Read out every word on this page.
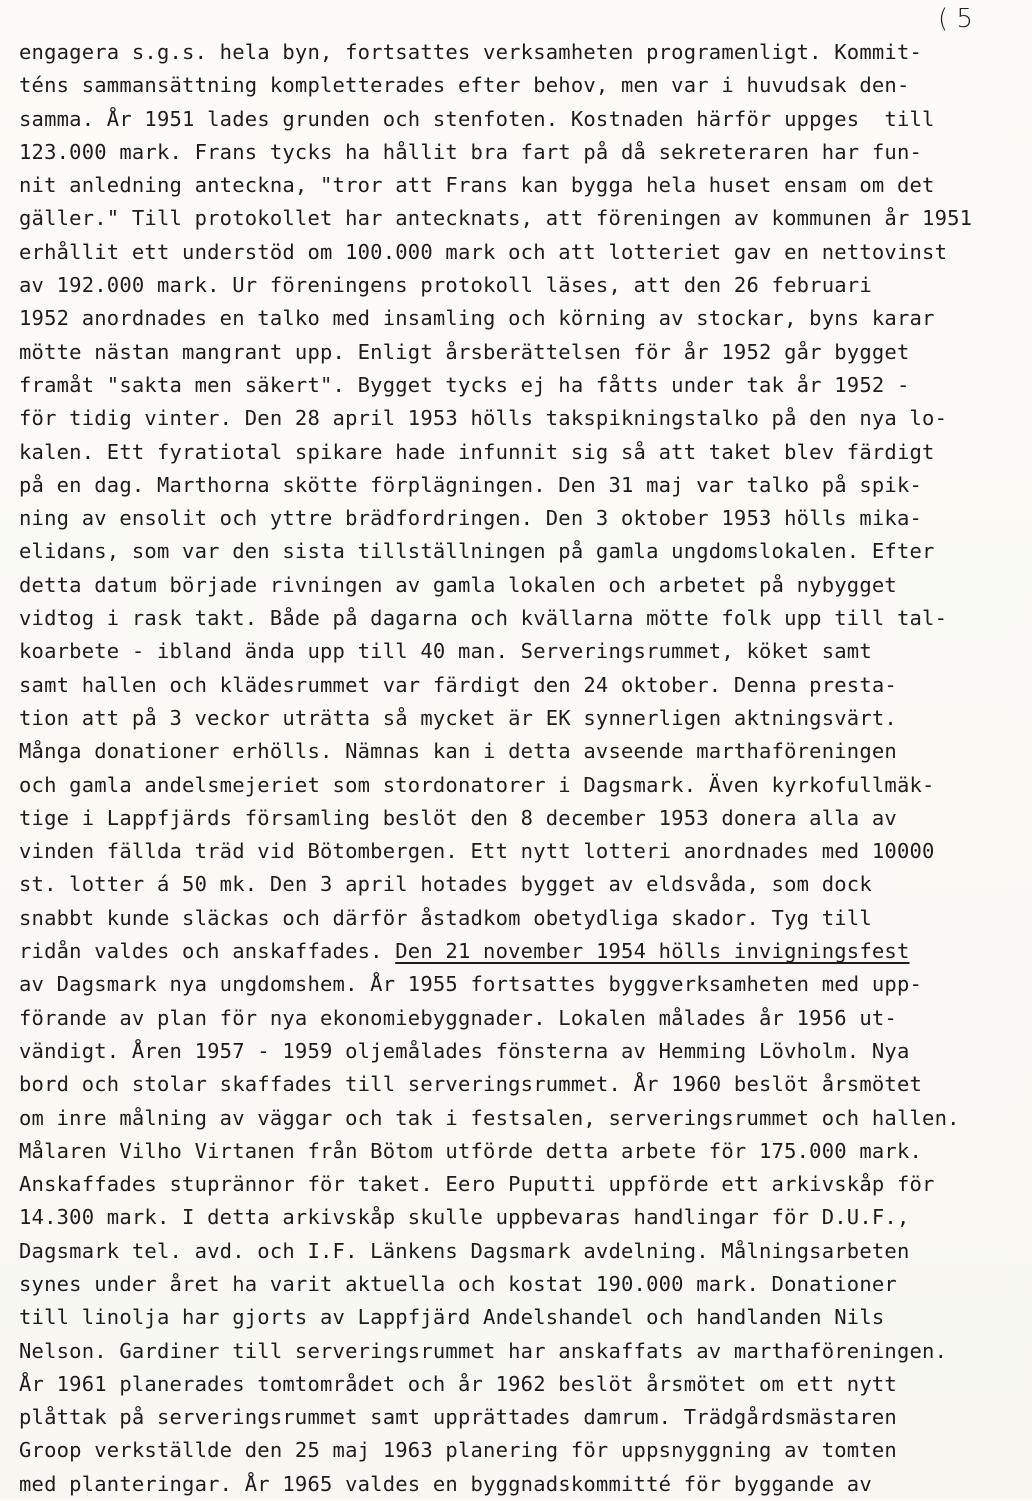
( 5
engagera s.g.s. hela byn, fortsattes verksamheten programenligt. Kommit-
téns sammansättning kompletterades efter behov, men var i huvudsak den-
samma. År 1951 lades grunden och stenfoten. Kostnaden härför uppges  till
123.000 mark. Frans tycks ha hållit bra fart på då sekreteraren har fun-
nit anledning anteckna, "tror att Frans kan bygga hela huset ensam om det
gäller." Till protokollet har antecknats, att föreningen av kommunen år 1951
erhållit ett understöd om 100.000 mark och att lotteriet gav en nettovinst
av 192.000 mark. Ur föreningens protokoll läses, att den 26 februari
1952 anordnades en talko med insamling och körning av stockar, byns karar
mötte nästan mangrant upp. Enligt årsberättelsen för år 1952 går bygget
framåt "sakta men säkert". Bygget tycks ej ha fåtts under tak år 1952 -
för tidig vinter. Den 28 april 1953 hölls takspikningstalko på den nya lo-
kalen. Ett fyratiotal spikare hade infunnit sig så att taket blev färdigt
på en dag. Marthorna skötte förplägningen. Den 31 maj var talko på spik-
ning av ensolit och yttre brädfordringen. Den 3 oktober 1953 hölls mika-
elidans, som var den sista tillställningen på gamla ungdomslokalen. Efter
detta datum började rivningen av gamla lokalen och arbetet på nybygget
vidtog i rask takt. Både på dagarna och kvällarna mötte folk upp till tal-
koarbete - ibland ända upp till 40 man. Serveringsrummet, köket samt
samt hallen och klädesrummet var färdigt den 24 oktober. Denna presta-
tion att på 3 veckor uträtta så mycket är EK synnerligen aktningsvärt.
Många donationer erhölls. Nämnas kan i detta avseende marthaföreningen
och gamla andelsmejeriet som stordonatorer i Dagsmark. Även kyrkofullmäk-
tige i Lappfjärds församling beslöt den 8 december 1953 donera alla av
vinden fällda träd vid Bötombergen. Ett nytt lotteri anordnades med 10000
st. lotter á 50 mk. Den 3 april hotades bygget av eldsvåda, som dock
snabbt kunde släckas och därför åstadkom obetydliga skador. Tyg till
ridån valdes och anskaffades. Den 21 november 1954 hölls invigningsfest
av Dagsmark nya ungdomshem. År 1955 fortsattes byggverksamheten med upp-
förande av plan för nya ekonomiebyggnader. Lokalen målades år 1956 ut-
vändigt. Åren 1957 - 1959 oljemålades fönsterna av Hemming Lövholm. Nya
bord och stolar skaffades till serveringsrummet. År 1960 beslöt årsmötet
om inre målning av väggar och tak i festsalen, serveringsrummet och hallen.
Målaren Vilho Virtanen från Bötom utförde detta arbete för 175.000 mark.
Anskaffades stuprännor för taket. Eero Puputti uppförde ett arkivskåp för
14.300 mark. I detta arkivskåp skulle uppbevaras handlingar för D.U.F.,
Dagsmark tel. avd. och I.F. Länkens Dagsmark avdelning. Målningsarbeten
synes under året ha varit aktuella och kostat 190.000 mark. Donationer
till linolja har gjorts av Lappfjärd Andelshandel och handlanden Nils
Nelson. Gardiner till serveringsrummet har anskaffats av marthaföreningen.
År 1961 planerades tomtområdet och år 1962 beslöt årsmötet om ett nytt
plåttak på serveringsrummet samt upprättades damrum. Trädgårdsmästaren
Groop verkställde den 25 maj 1963 planering för uppsnyggning av tomten
med planteringar. År 1965 valdes en byggnadskommitté för byggande av
